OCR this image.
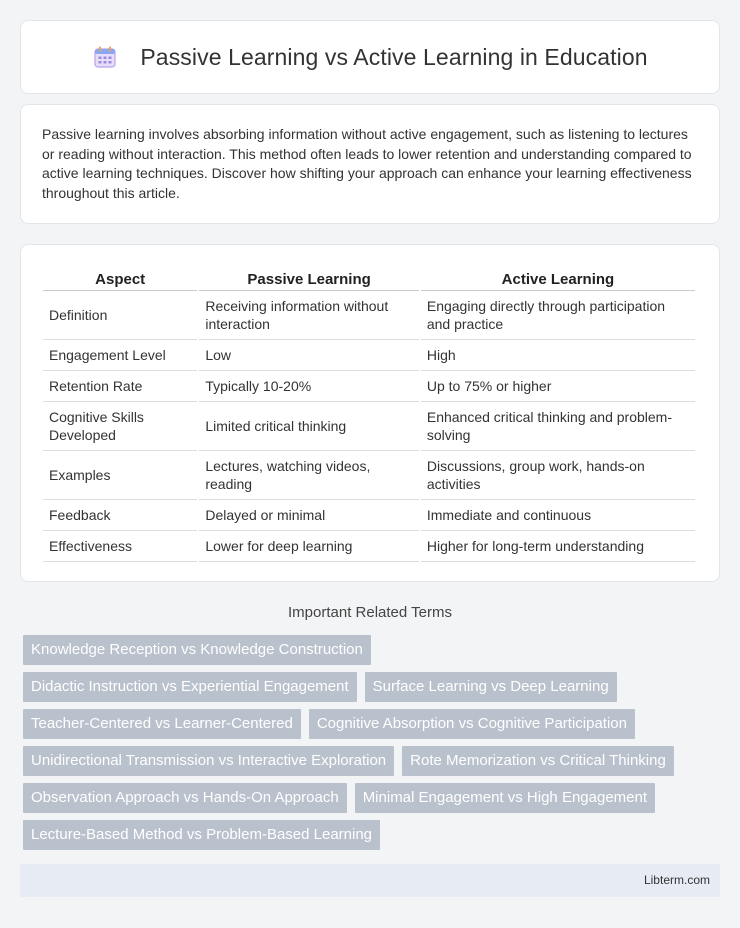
Passive Learning vs Active Learning in Education

Passive learning involves absorbing information without active engagement, such as listening to lectures or reading without interaction. This method often leads to lower retention and understanding compared to active learning techniques. Discover how shifting your approach can enhance your learning effectiveness throughout this article.

Aspect	Passive Learning	Active Learning
Definition	Receiving information without interaction	Engaging directly through participation and practice
Engagement Level	Low	High
Retention Rate	Typically 10-20%	Up to 75% or higher
Cognitive Skills Developed	Limited critical thinking	Enhanced critical thinking and problem-solving
Examples	Lectures, watching videos, reading	Discussions, group work, hands-on activities
Feedback	Delayed or minimal	Immediate and continuous
Effectiveness	Lower for deep learning	Higher for long-term understanding
Important Related Terms
Knowledge Reception vs Knowledge Construction
Didactic Instruction vs Experiential Engagement	Surface Learning vs Deep Learning
Teacher-Centered vs Learner-Centered	Cognitive Absorption vs Cognitive Participation
Unidirectional Transmission vs Interactive Exploration	Rote Memorization vs Critical Thinking
Observation Approach vs Hands-On Approach	Minimal Engagement vs High Engagement
Lecture-Based Method vs Problem-Based Learning
Libterm.com
